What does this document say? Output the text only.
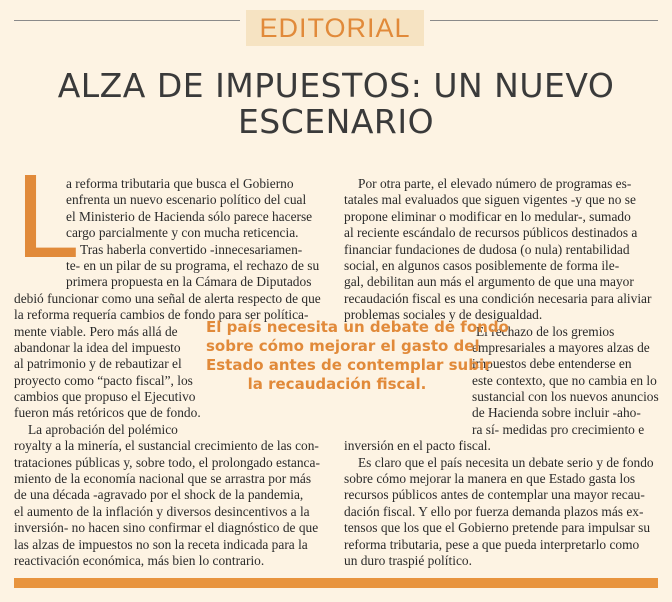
EDITORIAL
ALZA DE IMPUESTOS: UN NUEVO
ESCENARIO
L
a reforma tributaria que busca el Gobierno
enfrenta un nuevo escenario político del cual
el Ministerio de Hacienda sólo parece hacerse
cargo parcialmente y con mucha reticencia.
Tras haberla convertido -innecesariamen-
te- en un pilar de su programa, el rechazo de su
primera propuesta en la Cámara de Diputados
debió funcionar como una señal de alerta respecto de que
la reforma requería cambios de fondo para ser política-
mente viable. Pero más allá de
abandonar la idea del impuesto
al patrimonio y de rebautizar el
proyecto como “pacto fiscal”, los
cambios que propuso el Ejecutivo
fueron más retóricos que de fondo.
La aprobación del polémico
royalty a la minería, el sustancial crecimiento de las con-
trataciones públicas y, sobre todo, el prolongado estanca-
miento de la economía nacional que se arrastra por más
de una década -agravado por el shock de la pandemia,
el aumento de la inflación y diversos desincentivos a la
inversión- no hacen sino confirmar el diagnóstico de que
las alzas de impuestos no son la receta indicada para la
reactivación económica, más bien lo contrario.
Por otra parte, el elevado número de programas es-
tatales mal evaluados que siguen vigentes -y que no se
propone eliminar o modificar en lo medular-, sumado
al reciente escándalo de recursos públicos destinados a
financiar fundaciones de dudosa (o nula) rentabilidad
social, en algunos casos posiblemente de forma ile-
gal, debilitan aun más el argumento de que una mayor
recaudación fiscal es una condición necesaria para aliviar
problemas sociales y de desigualdad.
El rechazo de los gremios
empresariales a mayores alzas de
impuestos debe entenderse en
este contexto, que no cambia en lo
sustancial con los nuevos anuncios
de Hacienda sobre incluir -aho-
ra sí- medidas pro crecimiento e
inversión en el pacto fiscal.
Es claro que el país necesita un debate serio y de fondo
sobre cómo mejorar la manera en que Estado gasta los
recursos públicos antes de contemplar una mayor recau-
dación fiscal. Y ello por fuerza demanda plazos más ex-
tensos que los que el Gobierno pretende para impulsar su
reforma tributaria, pese a que pueda interpretarlo como
un duro traspié político.
El país necesita un debate de fondo
sobre cómo mejorar el gasto del
Estado antes de contemplar subir
la recaudación fiscal.
